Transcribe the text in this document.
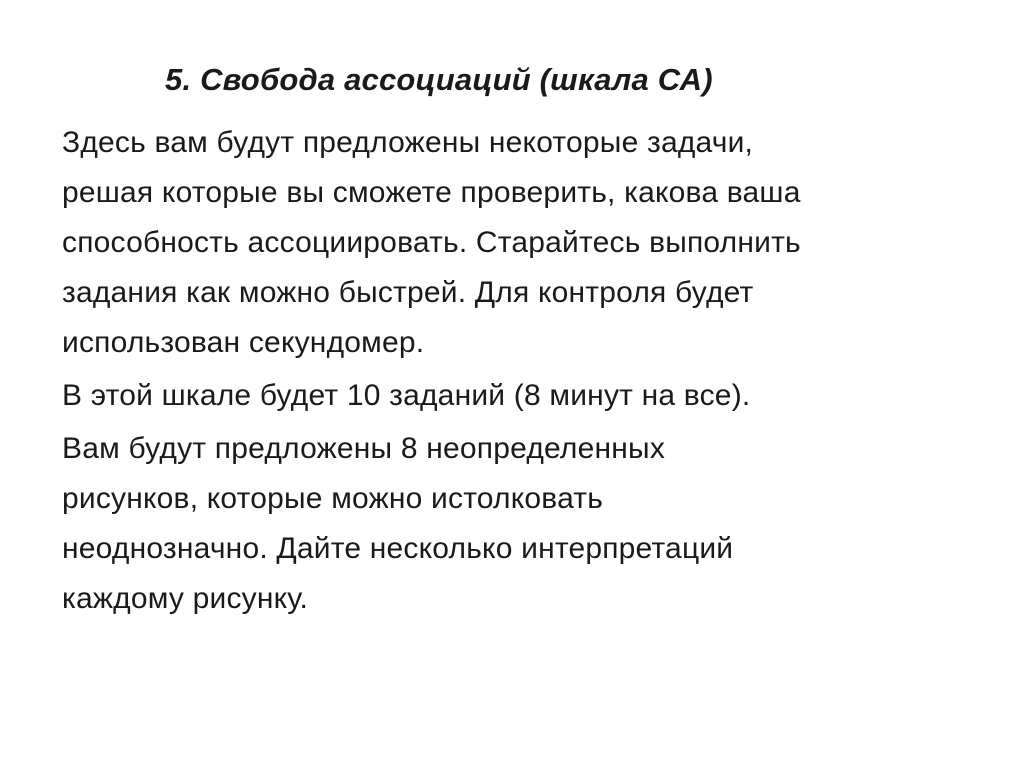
5. Свобода ассоциаций (шкала СА)

Здесь вам будут предложены некоторые задачи,
решая которые вы сможете проверить, какова ваша
способность ассоциировать. Старайтесь выполнить
задания как можно быстрей. Для контроля будет
использован секундомер.

В этой шкале будет 10 заданий (8 минут на все).

Вам будут предложены 8 неопределенных
рисунков, которые можно истолковать
неоднозначно. Дайте несколько интерпретаций
каждому рисунку.
